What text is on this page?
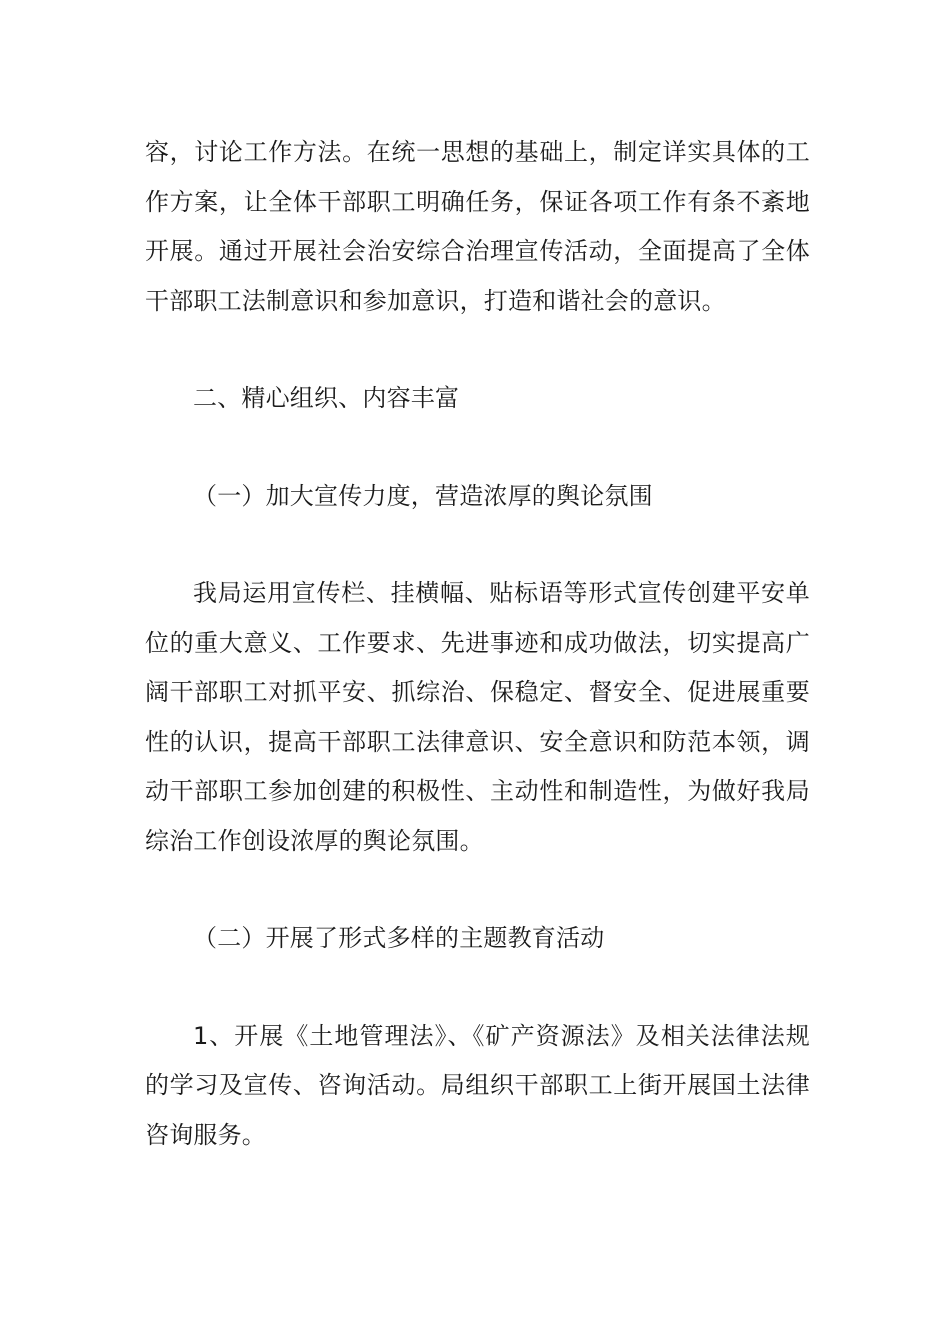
容，讨论工作方法。在统一思想的基础上，制定详实具体的工作方案，让全体干部职工明确任务，保证各项工作有条不紊地开展。通过开展社会治安综合治理宣传活动，全面提高了全体干部职工法制意识和参加意识，打造和谐社会的意识。

二、精心组织、内容丰富

（一）加大宣传力度，营造浓厚的舆论氛围

我局运用宣传栏、挂横幅、贴标语等形式宣传创建平安单位的重大意义、工作要求、先进事迹和成功做法，切实提高广阔干部职工对抓平安、抓综治、保稳定、督安全、促进展重要性的认识，提高干部职工法律意识、安全意识和防范本领，调动干部职工参加创建的积极性、主动性和制造性，为做好我局综治工作创设浓厚的舆论氛围。

（二）开展了形式多样的主题教育活动

1、开展《土地管理法》、《矿产资源法》及相关法律法规的学习及宣传、咨询活动。局组织干部职工上街开展国土法律咨询服务。
